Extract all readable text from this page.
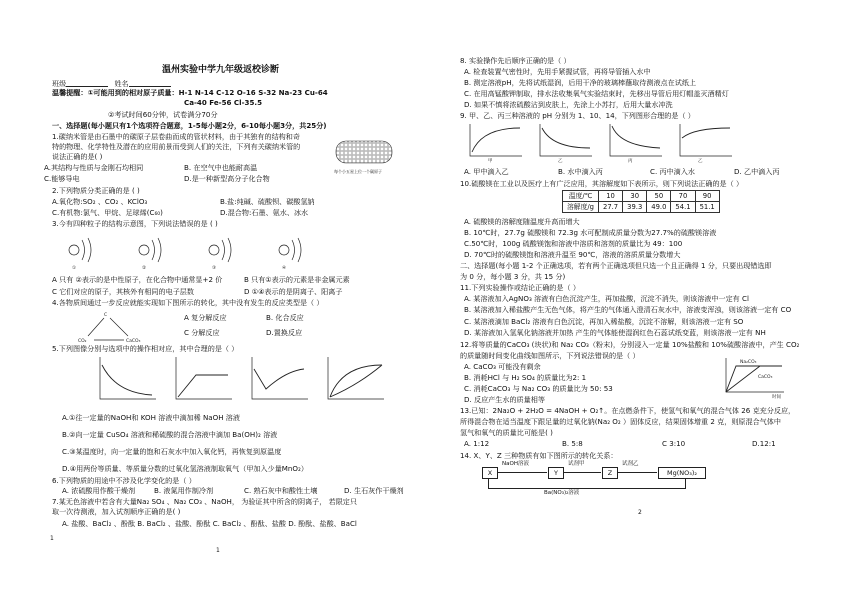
温州实验中学九年级返校诊断
班级	姓名
温馨提醒：①可能用到的相对原子质量：H-1 N-14 C-12 O-16 S-32 Na-23 Cu-64
Ca-40 Fe-56 Cl-35.5
②考试时间60分钟，试卷满分70分
一、选择题(每小题只有1个选项符合题意，1-5每小题2分，6-10每小题3分，共25分)
1.碳纳米管是由石墨中的碳原子层卷曲而成的管状材料，由于其独有的结构和奇
特的物理、化学特性及潜在的应用前景而受到人们的关注，下列有关碳纳米管的
说法正确的是( )
每个小五星上位一个碳原子
A.其结构与性质与金刚石均相同	B. 在空气中也能耐高温
C.能够导电	D.是一种新型高分子化合物
2.下列物质分类正确的是 ( )
A.氧化物:SO₂ 、CO₂ 、KClO₃	B.盐:纯碱、硫酸钡、碳酸氢钠
C.有机物:氯气、甲烷、足球烯(C₆₀)	D.混合物:石墨、氨水、冰水
3.今有四种粒子的结构示意图，下列说法错误的是 ( )
①	②	③	④
A 只有 ②表示的是中性原子，在化合物中通常显+2 价	B 只有①表示的元素是非金属元素
C 它们对应的原子，其核外有相同的电子层数	D ①④表示的是阴离子、阳离子
4.各物质间通过一步反应就能实现如下图所示的转化，其中没有发生的反应类型是（ ）
C
CO₂	CaCO₃
A 复分解反应	B. 化合反应
C 分解反应	D.置换反应
5.下列图像分别与选项中的操作相对应，其中合理的是（ ）
A.①往一定量的NaOH和 KOH 溶液中滴加稀 NaOH 溶液
B.②向一定量 CuSO₄ 溶液和稀硫酸的混合溶液中滴加 Ba(OH)₂ 溶液
C.③某温度时，向一定量的饱和石灰水中加入氧化钙，再恢复到原温度
D.④用两份等质量、等质量分数的过氧化氢溶液制取氧气（甲加入少量MnO₂）
6.下列物质的用途中不涉及化学变化的是（ ）
A. 浓硫酸用作酸干燥剂	B. 液氮用作制冷剂	C. 熟石灰中和酸性土壤	D. 生石灰作干燥剂
7.某无色溶液中若含有大量Na₂ SO₄ 、Na₂ CO₃ 、NaOH， 为验证其中所含的阴离子， 若限定只
取一次待测液，加入试剂顺序正确的是( )
A. 盐酸、BaCl₂ 、酚酞 B. BaCl₂ 、盐酸、酚酞 C. BaCl₂ 、酚酞、盐酸 D. 酚酞、盐酸、BaCl
1
1
8. 实验操作先后顺序正确的是（ ）
A. 检查装置气密性时，先用手紧握试管，再将导管插入水中
B. 测定溶液pH，先将试纸湿润，后用干净的玻璃棒蘸取待测液点在试纸上
C. 在用高锰酸钾制取，排水法收集氧气实验结束时，先移出导管后用灯帽盖灭酒精灯
D. 如果不慎将浓硫酸沾到皮肤上，先涂上小苏打，后用大量水冲洗
9. 甲、乙、丙三种溶液的 pH 分别为 1、10、14，下列图形合理的是（ ）
甲	乙	丙	乙
A. 甲中滴入乙	B. 水中滴入丙	C. 丙中滴入水	D. 乙中滴入丙
10.硫酸镁在工业以及医疗上有广泛应用，其溶解度如下表所示，则下列说法正确的是（ ）
温度/℃	10	30	50	70	90
溶解度/g	27.7	39.3	49.0	54.1	51.1
A. 硫酸镁的溶解度随温度升高而增大
B. 10℃时，27.7g 硫酸镁和 72.3g 水可配制成质量分数为27.7%的硫酸镁溶液
C.50℃时，100g 硫酸镁饱和溶液中溶质和溶剂的质量比为 49：100
D. 70℃时的硫酸镁饱和溶液升温至 90℃，溶液的溶质质量分数增大
二、选择题(每小题 1-2 个正确选项，若有两个正确选项但只选一个且正确得 1 分，只要出现错选即
为 0 分，每小题 3 分，共 15 分)
11.下列实验操作或结论正确的是（ ）
A. 某溶液加入AgNO₃ 溶液有白色沉淀产生，再加盐酸，沉淀不消失，则该溶液中一定有 Cl
B. 某溶液加入稀盐酸产生无色气体，将产生的气体通入澄清石灰水中，溶液变浑浊，则该溶液一定有 CO
C. 某溶液滴加 BaCl₂ 溶液有白色沉淀，再加入稀盐酸，沉淀不溶解，则该溶液一定有 SO
D. 某溶液加入氢氧化钠溶液并加热 产生的气体能使湿润红色石蕊试纸变蓝，则该溶液一定有 NH
12.将等质量的CaCO₃ (块状)和 Na₂ CO₃（粉末)，分别浸入一定量 10%盐酸和 10%硫酸溶液中，产生 CO₂
的质量随时间变化曲线如图所示，下列说法错误的是（ ）
Na₂CO₃
CaCO₃
时间
A. CaCO₃ 可能没有剩余
B. 消耗HCl 与 H₂ SO₄ 的质量比为2: 1
C. 消耗CaCO₃ 与 Na₂ CO₃ 的质量比为 50: 53
D. 反应产生水的质量相等
13.已知：2Na₂O + 2H₂O = 4NaOH + O₂↑。在点燃条件下，使氢气和氧气的混合气体 26 克充分反应，
所得混合物在适当温度下跟足量的过氧化钠(Na₂ O₂ ）固体反应，结果固体增重 2 克，则原混合气体中
氢气和氧气的质量比可能是( )
A. 1:12	B. 5:8	C 3:10	D.12:1
14. X、Y、Z 三种物质有如下图所示的转化关系：
X
NaOH溶液
Y
试剂甲
Z
试剂乙
Mg(NO₃)₂
Ba(NO₃)₂溶液
2
